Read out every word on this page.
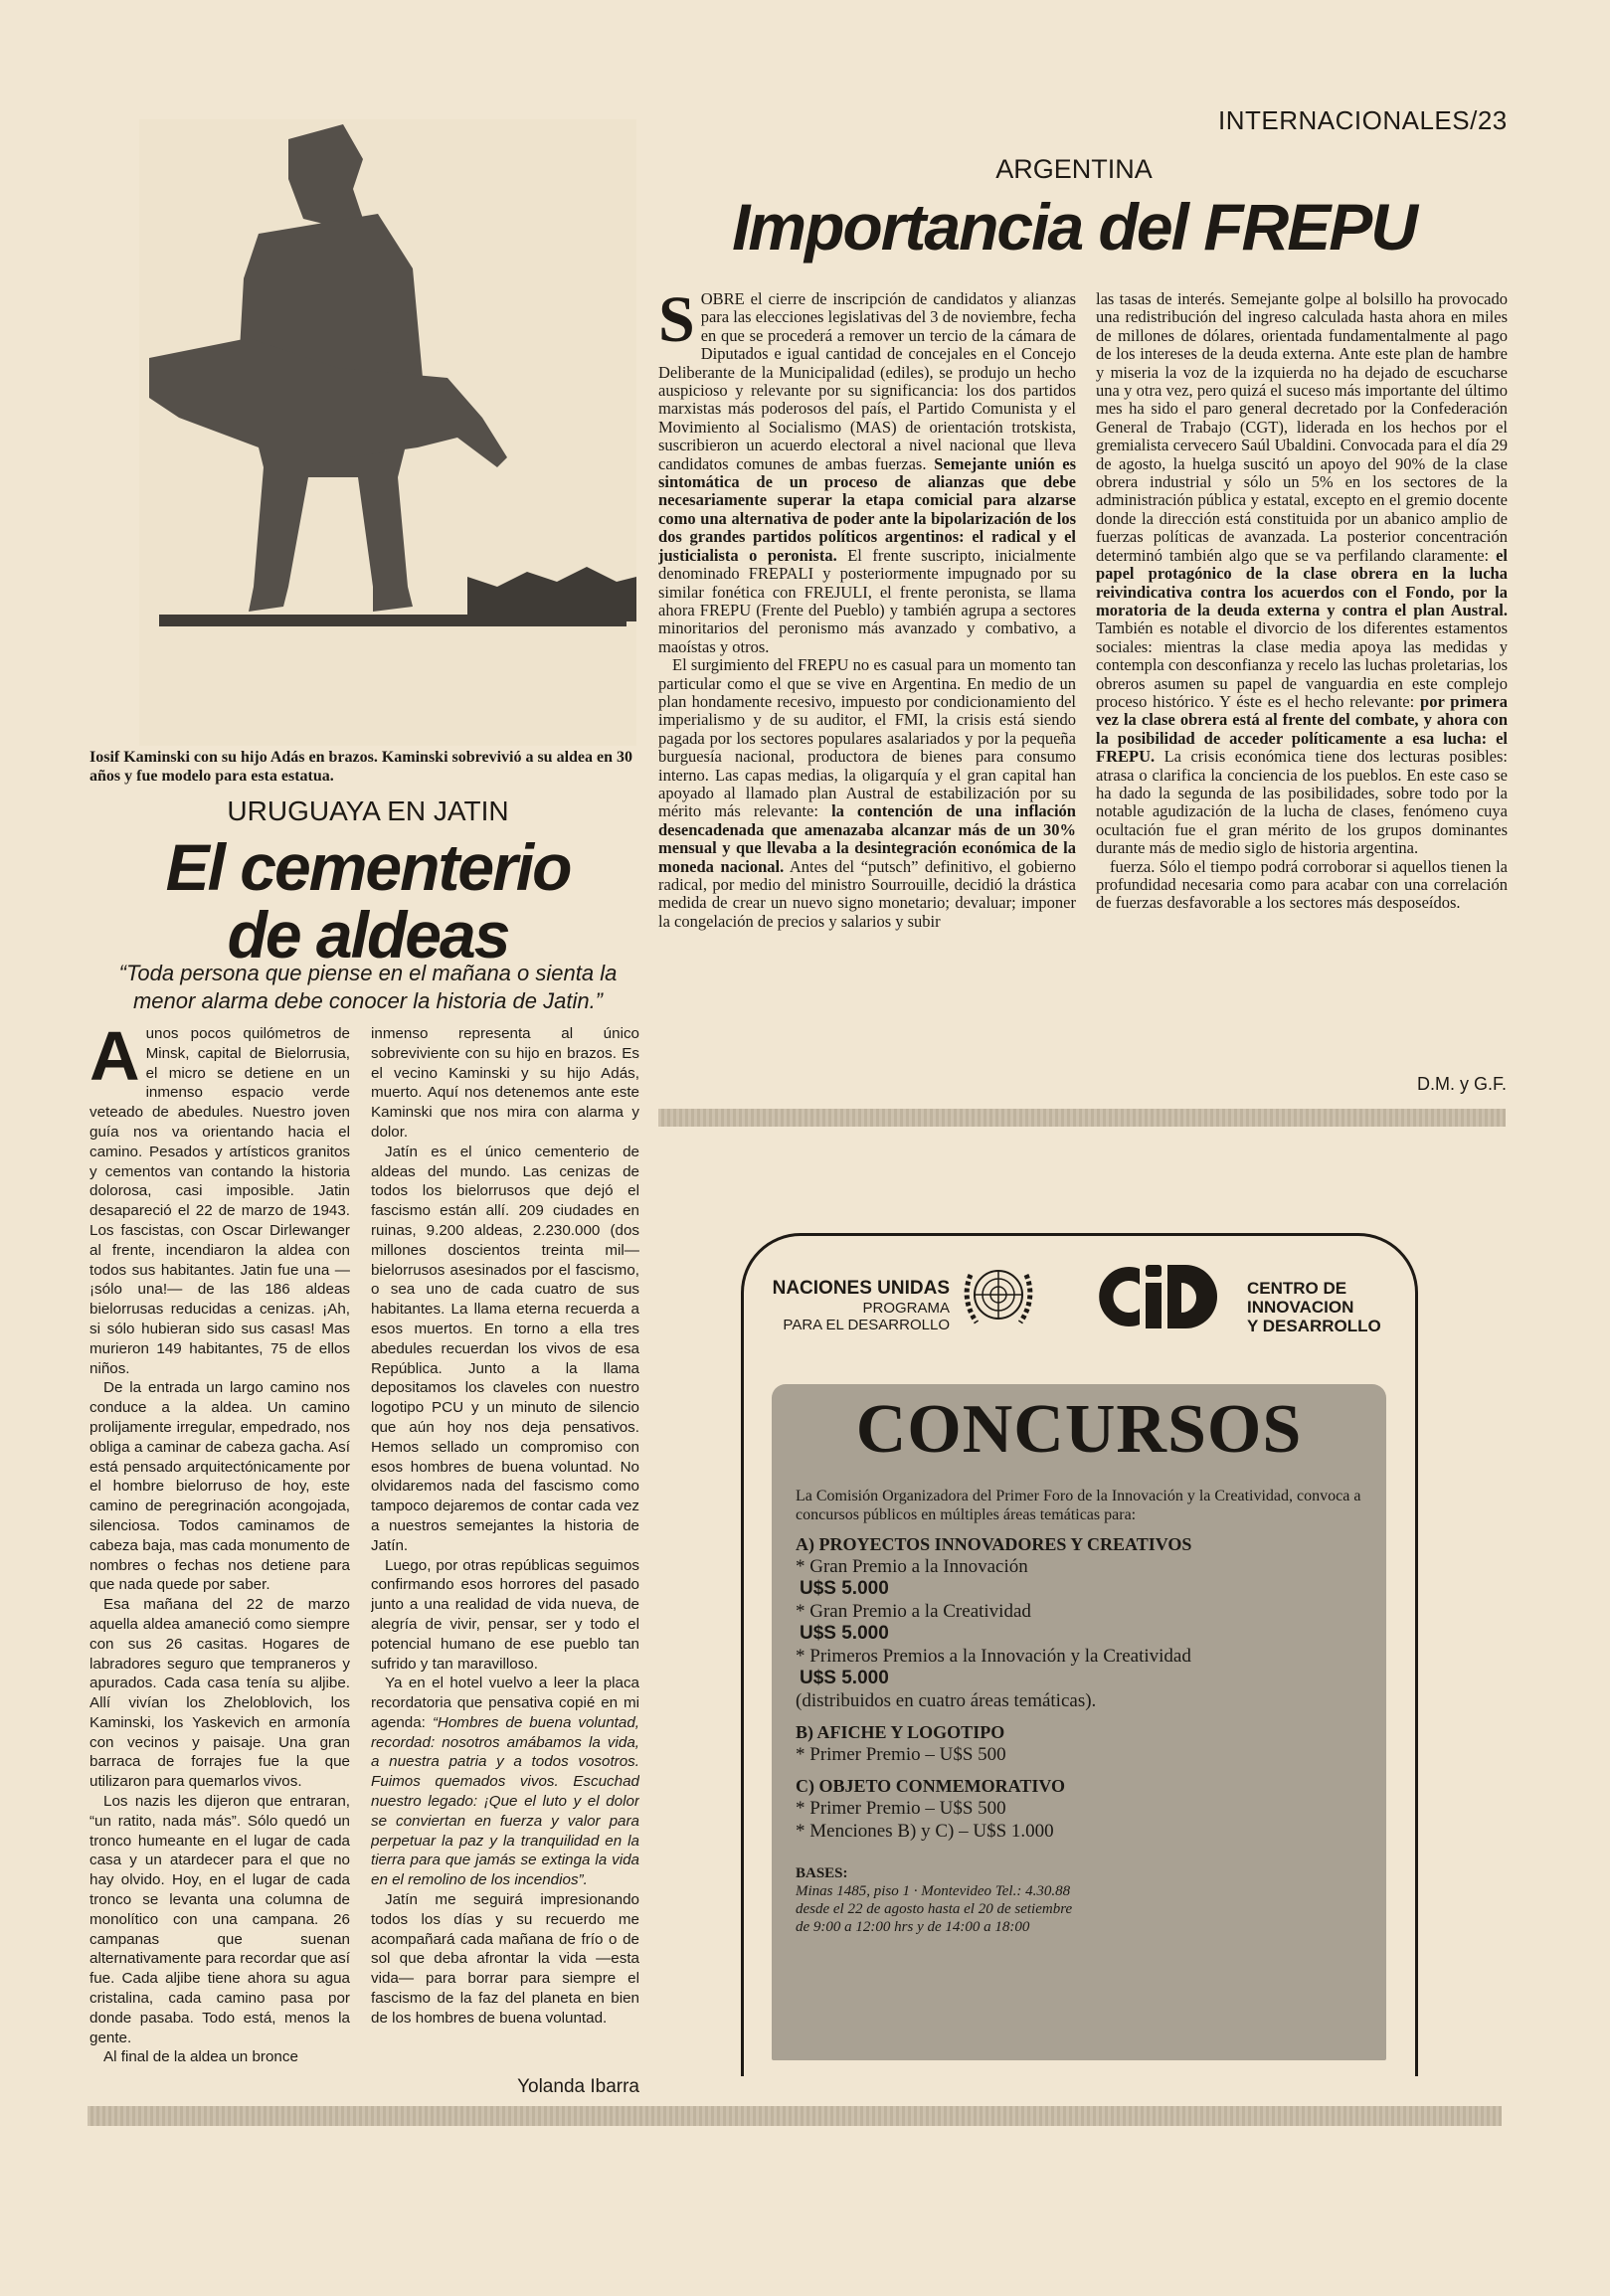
INTERNACIONALES/23
Iosif Kaminski con su hijo Adás en brazos. Kaminski sobrevivió a su aldea en 30 años y fue modelo para esta estatua.
URUGUAYA EN JATIN
El cementerio
de aldeas
“Toda persona que piense en el mañana o sienta la menor alarma debe conocer la historia de Jatin.”

Aunos pocos quilómetros de Minsk, capital de Bielorrusia, el micro se detiene en un inmenso espacio verde veteado de abedules. Nuestro joven guía nos va orientando hacia el camino. Pesados y artísticos granitos y cementos van contando la historia dolorosa, casi imposible. Jatin desapareció el 22 de marzo de 1943. Los fascistas, con Oscar Dirlewanger al frente, incendiaron la aldea con todos sus habitantes. Jatin fue una —¡sólo una!— de las 186 aldeas bielorrusas reducidas a cenizas. ¡Ah, si sólo hubieran sido sus casas! Mas murieron 149 habitantes, 75 de ellos niños.

De la entrada un largo camino nos conduce a la aldea. Un camino prolijamente irregular, empedrado, nos obliga a caminar de cabeza gacha. Así está pensado arquitectónicamente por el hombre bielorruso de hoy, este camino de peregrinación acongojada, silenciosa. Todos caminamos de cabeza baja, mas cada monumento de nombres o fechas nos detiene para que nada quede por saber.

Esa mañana del 22 de marzo aquella aldea amaneció como siempre con sus 26 casitas. Hogares de labradores seguro que tempraneros y apurados. Cada casa tenía su aljibe. Allí vivían los Zheloblovich, los Kaminski, los Yaskevich en armonía con vecinos y paisaje. Una gran barraca de forrajes fue la que utilizaron para quemarlos vivos.

Los nazis les dijeron que entraran, “un ratito, nada más”. Sólo quedó un tronco humeante en el lugar de cada casa y un atardecer para el que no hay olvido. Hoy, en el lugar de cada tronco se levanta una columna de monolítico con una campana. 26 campanas que suenan alternativamente para recordar que así fue. Cada aljibe tiene ahora su agua cristalina, cada camino pasa por donde pasaba. Todo está, menos la gente.

Al final de la aldea un bronce

inmenso representa al único sobreviviente con su hijo en brazos. Es el vecino Kaminski y su hijo Adás, muerto. Aquí nos detenemos ante este Kaminski que nos mira con alarma y dolor.

Jatín es el único cementerio de aldeas del mundo. Las cenizas de todos los bielorrusos que dejó el fascismo están allí. 209 ciudades en ruinas, 9.200 aldeas, 2.230.000 (dos millones doscientos treinta mil— bielorrusos asesinados por el fascismo, o sea uno de cada cuatro de sus habitantes. La llama eterna recuerda a esos muertos. En torno a ella tres abedules recuerdan los vivos de esa República. Junto a la llama depositamos los claveles con nuestro logotipo PCU y un minuto de silencio que aún hoy nos deja pensativos. Hemos sellado un compromiso con esos hombres de buena voluntad. No olvidaremos nada del fascismo como tampoco dejaremos de contar cada vez a nuestros semejantes la historia de Jatín.

Luego, por otras repúblicas seguimos confirmando esos horrores del pasado junto a una realidad de vida nueva, de alegría de vivir, pensar, ser y todo el potencial humano de ese pueblo tan sufrido y tan maravilloso.

Ya en el hotel vuelvo a leer la placa recordatoria que pensativa copié en mi agenda: “Hombres de buena voluntad, recordad: nosotros amábamos la vida, a nuestra patria y a todos vosotros. Fuimos quemados vivos. Escuchad nuestro legado: ¡Que el luto y el dolor se conviertan en fuerza y valor para perpetuar la paz y la tranquilidad en la tierra para que jamás se extinga la vida en el remolino de los incendios”.

Jatín me seguirá impresionando todos los días y su recuerdo me acompañará cada mañana de frío o de sol que deba afrontar la vida —esta vida— para borrar para siempre el fascismo de la faz del planeta en bien de los hombres de buena voluntad.

Yolanda Ibarra
ARGENTINA
Importancia del FREPU

SOBRE el cierre de inscripción de candidatos y alianzas para las elecciones legislativas del 3 de noviembre, fecha en que se procederá a remover un tercio de la cámara de Diputados e igual cantidad de concejales en el Concejo Deliberante de la Municipalidad (ediles), se produjo un hecho auspicioso y relevante por su significancia: los dos partidos marxistas más poderosos del país, el Partido Comunista y el Movimiento al Socialismo (MAS) de orientación trotskista, suscribieron un acuerdo electoral a nivel nacional que lleva candidatos comunes de ambas fuerzas. Semejante unión es sintomática de un proceso de alianzas que debe necesariamente superar la etapa comicial para alzarse como una alternativa de poder ante la bipolarización de los dos grandes partidos políticos argentinos: el radical y el justicialista o peronista. El frente suscripto, inicialmente denominado FREPALI y posteriormente impugnado por su similar fonética con FREJULI, el frente peronista, se llama ahora FREPU (Frente del Pueblo) y también agrupa a sectores minoritarios del peronismo más avanzado y combativo, a maoístas y otros.

El surgimiento del FREPU no es casual para un momento tan particular como el que se vive en Argentina. En medio de un plan hondamente recesivo, impuesto por condicionamiento del imperialismo y de su auditor, el FMI, la crisis está siendo pagada por los sectores populares asalariados y por la pequeña burguesía nacional, productora de bienes para consumo interno. Las capas medias, la oligarquía y el gran capital han apoyado al llamado plan Austral de estabilización por su mérito más relevante: la contención de una inflación desencadenada que amenazaba alcanzar más de un 30% mensual y que llevaba a la desintegración económica de la moneda nacional. Antes del “putsch” definitivo, el gobierno radical, por medio del ministro Sourrouille, decidió la drástica medida de crear un nuevo signo monetario; devaluar; imponer la congelación de precios y salarios y subir

las tasas de interés. Semejante golpe al bolsillo ha provocado una redistribución del ingreso calculada hasta ahora en miles de millones de dólares, orientada fundamentalmente al pago de los intereses de la deuda externa. Ante este plan de hambre y miseria la voz de la izquierda no ha dejado de escucharse una y otra vez, pero quizá el suceso más importante del último mes ha sido el paro general decretado por la Confederación General de Trabajo (CGT), liderada en los hechos por el gremialista cervecero Saúl Ubaldini. Convocada para el día 29 de agosto, la huelga suscitó un apoyo del 90% de la clase obrera industrial y sólo un 5% en los sectores de la administración pública y estatal, excepto en el gremio docente donde la dirección está constituida por un abanico amplio de fuerzas políticas de avanzada. La posterior concentración determinó también algo que se va perfilando claramente: el papel protagónico de la clase obrera en la lucha reivindicativa contra los acuerdos con el Fondo, por la moratoria de la deuda externa y contra el plan Austral. También es notable el divorcio de los diferentes estamentos sociales: mientras la clase media apoya las medidas y contempla con desconfianza y recelo las luchas proletarias, los obreros asumen su papel de vanguardia en este complejo proceso histórico. Y éste es el hecho relevante: por primera vez la clase obrera está al frente del combate, y ahora con la posibilidad de acceder políticamente a esa lucha: el FREPU. La crisis económica tiene dos lecturas posibles: atrasa o clarifica la conciencia de los pueblos. En este caso se ha dado la segunda de las posibilidades, sobre todo por la notable agudización de la lucha de clases, fenómeno cuya ocultación fue el gran mérito de los grupos dominantes durante más de medio siglo de historia argentina.

fuerza. Sólo el tiempo podrá corroborar si aquellos tienen la profundidad necesaria como para acabar con una correlación de fuerzas desfavorable a los sectores más desposeídos.

D.M. y G.F.
NACIONES UNIDAS
PROGRAMA
PARA EL DESARROLLO
CENTRO DE
INNOVACION
Y DESARROLLO
CONCURSOS
La Comisión Organizadora del Primer Foro de la Innovación y la Creatividad, convoca a concursos públicos en múltiples áreas temáticas para:
A) PROYECTOS INNOVADORES Y CREATIVOS
* Gran Premio a la Innovación
U$S 5.000
* Gran Premio a la Creatividad
U$S 5.000
* Primeros Premios a la Innovación y la Creatividad
U$S 5.000
(distribuidos en cuatro áreas temáticas).
B) AFICHE Y LOGOTIPO
* Primer Premio – U$S 500
C) OBJETO CONMEMORATIVO
* Primer Premio – U$S 500
* Menciones B) y C) – U$S 1.000
BASES:
Minas 1485, piso 1 · Montevideo Tel.: 4.30.88
desde el 22 de agosto hasta el 20 de setiembre
de 9:00 a 12:00 hrs y de 14:00 a 18:00
